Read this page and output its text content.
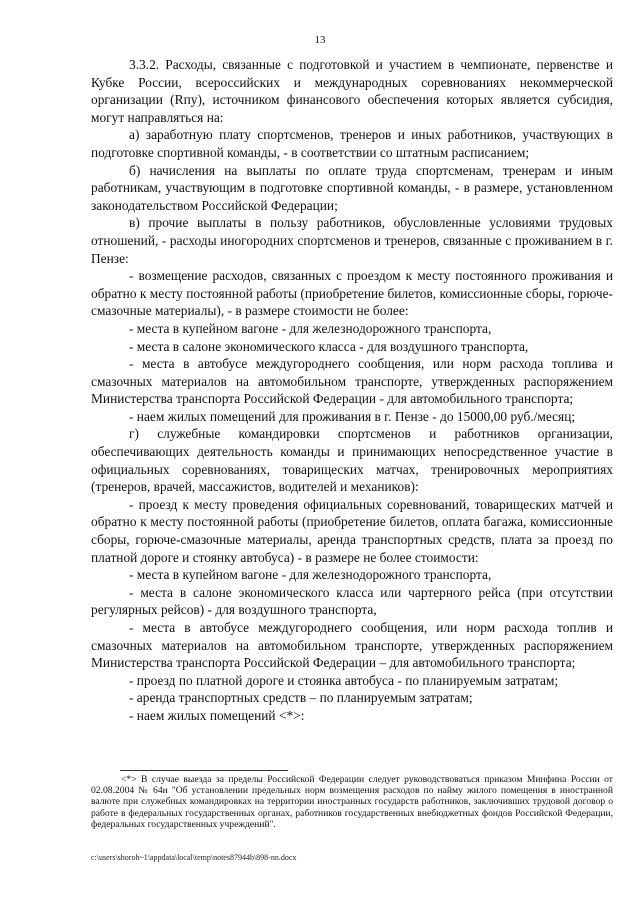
13

3.3.2. Расходы, связанные с подготовкой и участием в чемпионате, первенстве и Кубке России, всероссийских и международных соревнованиях некоммерческой организации (Rпу), источником финансового обеспечения которых является субсидия, могут направляться на:

а) заработную плату спортсменов, тренеров и иных работников, участвующих в подготовке спортивной команды, - в соответствии со штатным расписанием;

б) начисления на выплаты по оплате труда спортсменам, тренерам и иным работникам, участвующим в подготовке спортивной команды, - в размере, установленном законодательством Российской Федерации;

в) прочие выплаты в пользу работников, обусловленные условиями трудовых отношений, - расходы иногородних спортсменов и тренеров, связанные с проживанием в г. Пензе:

- возмещение расходов, связанных с проездом к месту постоянного проживания и обратно к месту постоянной работы (приобретение билетов, комиссионные сборы, горюче-смазочные материалы), - в размере стоимости не более:

- места в купейном вагоне - для железнодорожного транспорта,

- места в салоне экономического класса - для воздушного транспорта,

- места в автобусе междугороднего сообщения, или норм расхода топлива и смазочных материалов на автомобильном транспорте, утвержденных распоряжением Министерства транспорта Российской Федерации - для автомобильного транспорта;

- наем жилых помещений для проживания в г. Пензе - до 15000,00 руб./месяц;

г) служебные командировки спортсменов и работников организации, обеспечивающих деятельность команды и принимающих непосредственное участие в официальных соревнованиях, товарищеских матчах, тренировочных мероприятиях (тренеров, врачей, массажистов, водителей и механиков):

- проезд к месту проведения официальных соревнований, товарищеских матчей и обратно к месту постоянной работы (приобретение билетов, оплата багажа, комиссионные сборы, горюче-смазочные материалы, аренда транспортных средств, плата за проезд по платной дороге и стоянку автобуса) - в размере не более стоимости:

- места в купейном вагоне - для железнодорожного транспорта,

- места в салоне экономического класса или чартерного рейса (при отсутствии регулярных рейсов) - для воздушного транспорта,

- места в автобусе междугороднего сообщения, или норм расхода топлив и смазочных материалов на автомобильном транспорте, утвержденных распоряжением Министерства транспорта Российской Федерации – для автомобильного транспорта;

- проезд по платной дороге и стоянка автобуса - по планируемым затратам;

- аренда транспортных средств – по планируемым затратам;

- наем жилых помещений <*>:

<*> В случае выезда за пределы Российской Федерации следует руководствоваться приказом Минфина России от 02.08.2004 № 64н "Об установлении предельных норм возмещения расходов по найму жилого помещения в иностранной валюте при служебных командировках на территории иностранных государств работников, заключивших трудовой договор о работе в федеральных государственных органах, работников государственных внебюджетных фондов Российской Федерации, федеральных государственных учреждений".
c:\users\shoroh~1\appdata\local\temp\notes87944b\898-nn.docx
